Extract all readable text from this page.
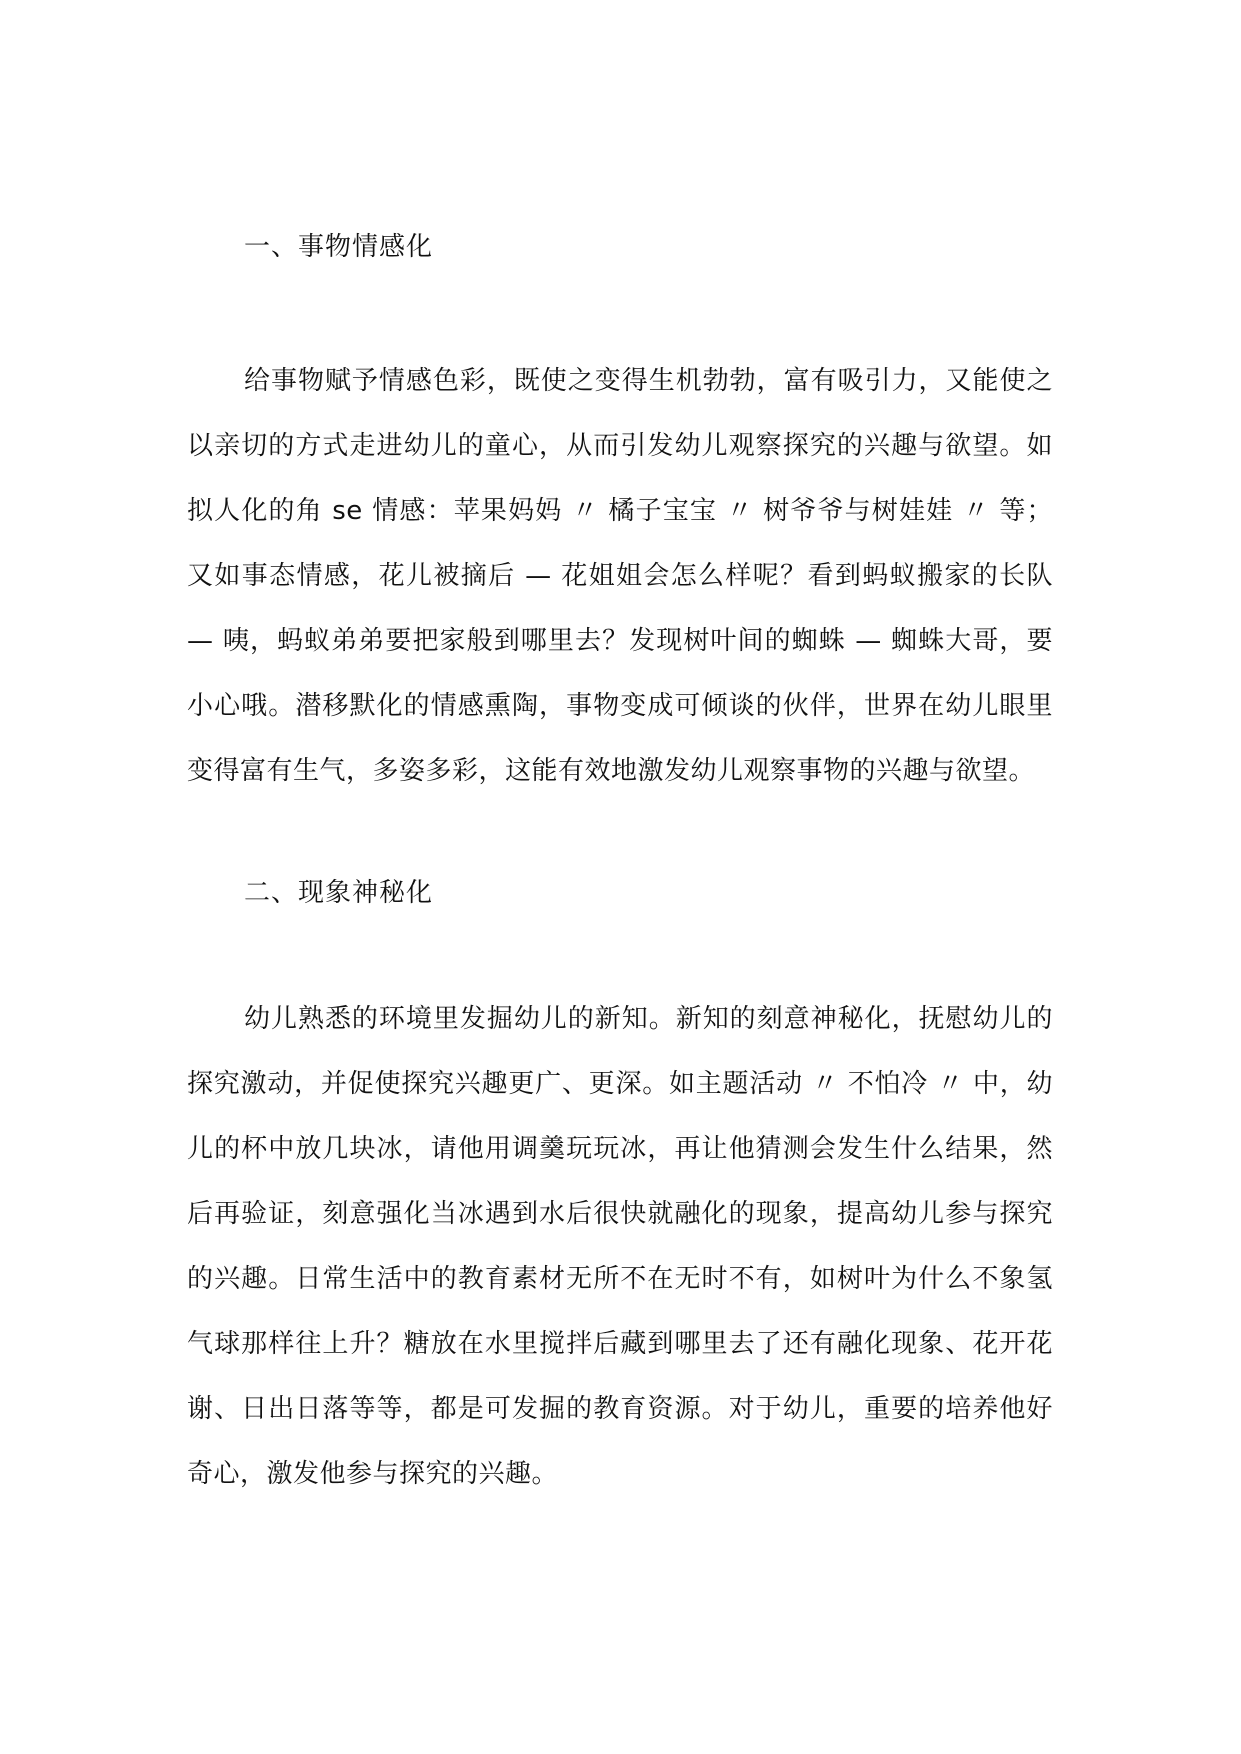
一、事物情感化

给事物赋予情感色彩，既使之变得生机勃勃，富有吸引力，又能使之以亲切的方式走进幼儿的童心，从而引发幼儿观察探究的兴趣与欲望。如拟人化的角 se 情感：苹果妈妈 〃 橘子宝宝 〃 树爷爷与树娃娃 〃 等；又如事态情感，花儿被摘后 — 花姐姐会怎么样呢？看到蚂蚁搬家的长队 — 咦，蚂蚁弟弟要把家般到哪里去？发现树叶间的蜘蛛 — 蜘蛛大哥，要小心哦。潜移默化的情感熏陶，事物变成可倾谈的伙伴，世界在幼儿眼里变得富有生气，多姿多彩，这能有效地激发幼儿观察事物的兴趣与欲望。

二、现象神秘化

幼儿熟悉的环境里发掘幼儿的新知。新知的刻意神秘化，抚慰幼儿的探究激动，并促使探究兴趣更广、更深。如主题活动 〃 不怕冷 〃 中，幼儿的杯中放几块冰，请他用调羹玩玩冰，再让他猜测会发生什么结果，然后再验证，刻意强化当冰遇到水后很快就融化的现象，提高幼儿参与探究的兴趣。日常生活中的教育素材无所不在无时不有，如树叶为什么不象氢气球那样往上升？糖放在水里搅拌后藏到哪里去了还有融化现象、花开花谢、日出日落等等，都是可发掘的教育资源。对于幼儿，重要的培养他好奇心，激发他参与探究的兴趣。
